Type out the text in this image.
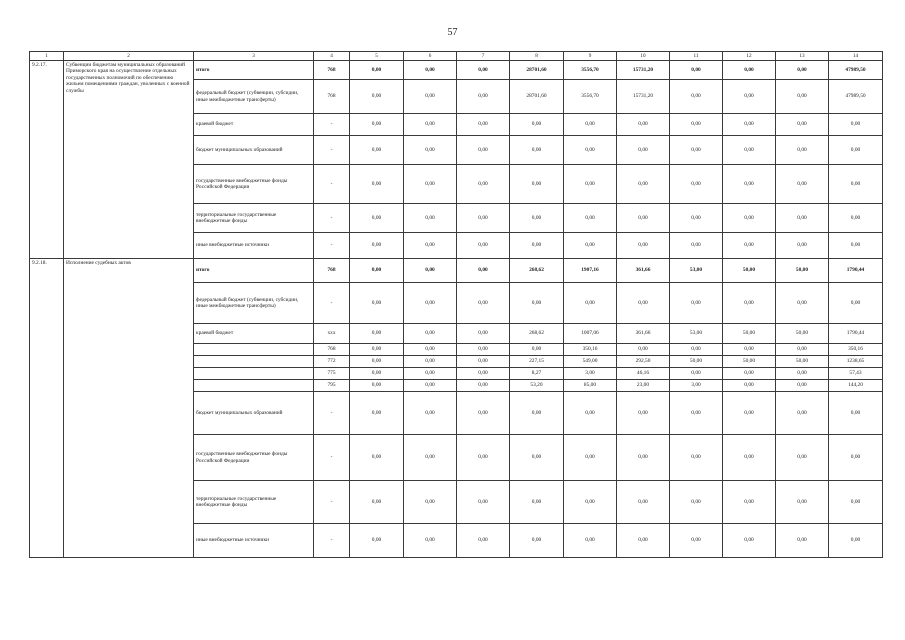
57
1	2	3	4	5	6	7	8	9	10	11	12	13	14
9.2.17.	Субвенции бюджетам муниципальных образований Приморского края на осуществление отдельных государственных полномочий по обеспечению жильем помещениями граждан, уволенных с военной службы	итого	768	0,00	0,00	0,00	28701,60	3556,70	15731,20	0,00	0,00	0,00	47989,50
		федеральный бюджет (субвенции, субсидии, иные межбюджетные трансферты)	768	0,00	0,00	0,00	28701,60	3556,70	15731,20	0,00	0,00	0,00	47989,50
		краевой бюджет	-	0,00	0,00	0,00	0,00	0,00	0,00	0,00	0,00	0,00	0,00
		бюджет муниципальных образований	-	0,00	0,00	0,00	0,00	0,00	0,00	0,00	0,00	0,00	0,00
		государственные внебюджетные фонды Российской Федерации	-	0,00	0,00	0,00	0,00	0,00	0,00	0,00	0,00	0,00	0,00
		территориальные государственные внебюджетные фонды	-	0,00	0,00	0,00	0,00	0,00	0,00	0,00	0,00	0,00	0,00
		иные внебюджетные источники	-	0,00	0,00	0,00	0,00	0,00	0,00	0,00	0,00	0,00	0,00
9.2.18.	Исполнение судебных актов	итого	768	0,00	0,00	0,00	268,62	1907,16	361,66	53,00	50,00	50,00	1790,44
		федеральный бюджет (субвенции, субсидии, иные межбюджетные трансферты)	-	0,00	0,00	0,00	0,00	0,00	0,00	0,00	0,00	0,00	0,00
		краевой бюджет	ххх	0,00	0,00	0,00	268,62	1007,06	361,66	53,00	50,00	50,00	1790,44
			768	0,00	0,00	0,00	0,00	350,16	0,00	0,00	0,00	0,00	350,16
			772	0,00	0,00	0,00	227,15	549,00	292,50	50,00	50,00	50,00	1238,65
			775	0,00	0,00	0,00	8,27	3,00	46,16	0,00	0,00	0,00	57,43
			795	0,00	0,00	0,00	53,20	85,00	23,00	3,00	0,00	0,00	144,20
		бюджет муниципальных образований	-	0,00	0,00	0,00	0,00	0,00	0,00	0,00	0,00	0,00	0,00
		государственные внебюджетные фонды Российской Федерации	-	0,00	0,00	0,00	0,00	0,00	0,00	0,00	0,00	0,00	0,00
		территориальные государственные внебюджетные фонды	-	0,00	0,00	0,00	0,00	0,00	0,00	0,00	0,00	0,00	0,00
		иные внебюджетные источники	-	0,00	0,00	0,00	0,00	0,00	0,00	0,00	0,00	0,00	0,00
